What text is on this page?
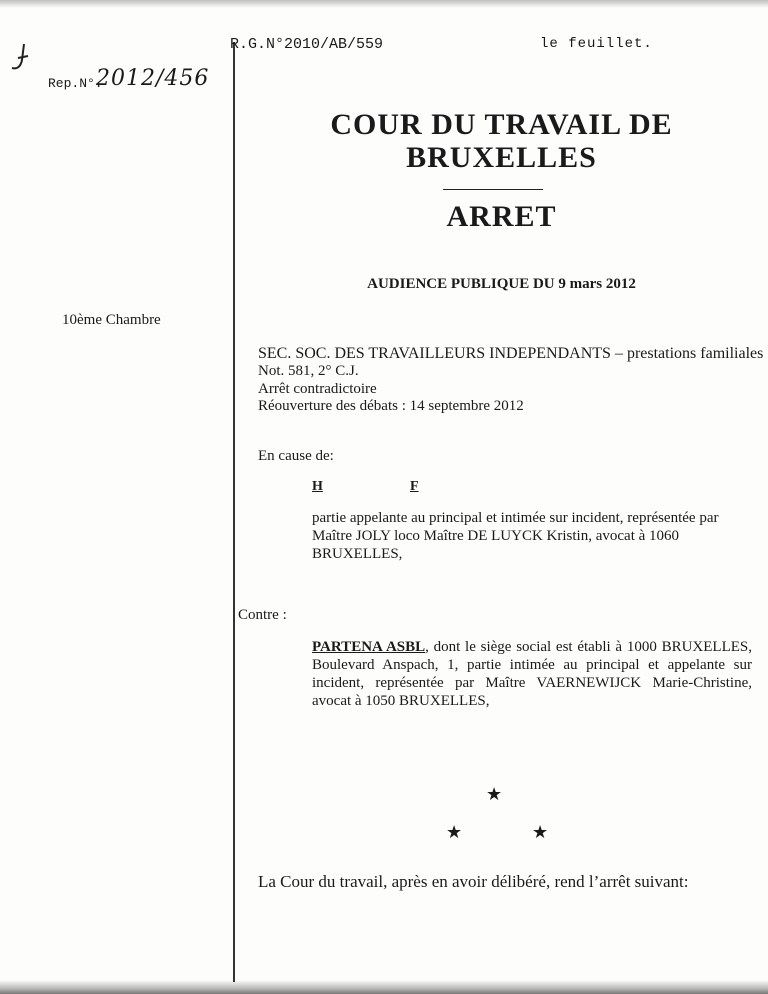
R.G.N°2010/AB/559	le feuillet.
Rep.N°.
2012/456
COUR DU TRAVAIL DE
BRUXELLES
ARRET
AUDIENCE PUBLIQUE DU 9 mars 2012
10ème Chambre
SEC. SOC. DES TRAVAILLEURS INDEPENDANTS – prestations familiales
Not. 581, 2° C.J.
Arrêt contradictoire
Réouverture des débats : 14 septembre 2012
En cause de:
H	F
partie appelante au principal et intimée sur incident, représentée par Maître JOLY loco Maître DE LUYCK Kristin, avocat à 1060 BRUXELLES,
Contre :
PARTENA ASBL, dont le siège social est établi à 1000 BRUXELLES, Boulevard Anspach, 1, partie intimée au principal et appelante sur incident, représentée par Maître VAERNEWIJCK Marie-Christine, avocat à 1050 BRUXELLES,
★
★	★
La Cour du travail, après en avoir délibéré, rend l’arrêt suivant:
